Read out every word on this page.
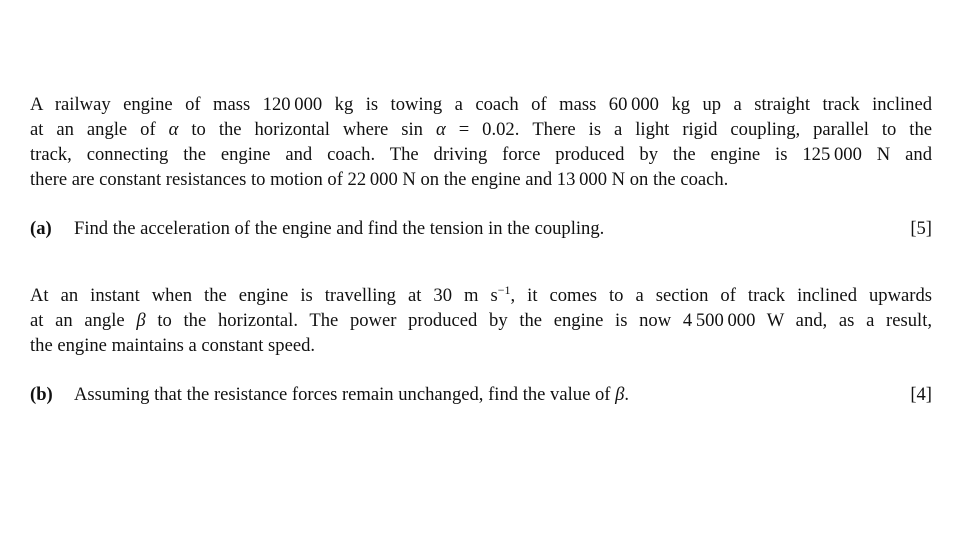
A railway engine of mass 120 000 kg is towing a coach of mass 60 000 kg up a straight track inclined
at an angle of α to the horizontal where sin α = 0.02. There is a light rigid coupling, parallel to the
track, connecting the engine and coach. The driving force produced by the engine is 125 000 N and
there are constant resistances to motion of 22 000 N on the engine and 13 000 N on the coach.

(a)	Find the acceleration of the engine and find the tension in the coupling.	[5]

At an instant when the engine is travelling at 30 m $s^{-1}$, it comes to a section of track inclined upwards
at an angle β to the horizontal. The power produced by the engine is now 4 500 000 W and, as a result,
the engine maintains a constant speed.

(b)	Assuming that the resistance forces remain unchanged, find the value of β.	[4]
